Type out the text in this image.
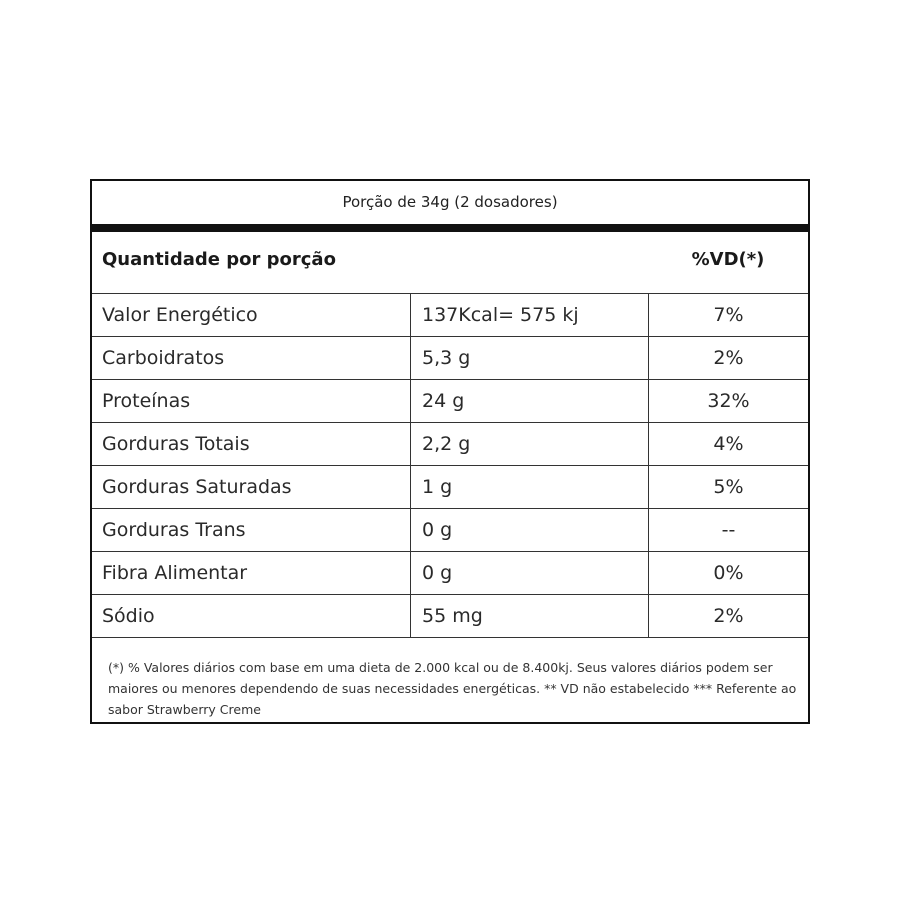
Porção de 34g (2 dosadores)
Quantidade por porção	%VD(*)
Valor Energético	137Kcal= 575 kj	7%
Carboidratos	5,3 g	2%
Proteínas	24 g	32%
Gorduras Totais	2,2 g	4%
Gorduras Saturadas	1 g	5%
Gorduras Trans	0 g	--
Fibra Alimentar	0 g	0%
Sódio	55 mg	2%
(*) % Valores diários com base em uma dieta de 2.000 kcal ou de 8.400kj. Seus valores diários podem ser maiores ou menores dependendo de suas necessidades energéticas. ** VD não estabelecido *** Referente ao sabor Strawberry Creme
